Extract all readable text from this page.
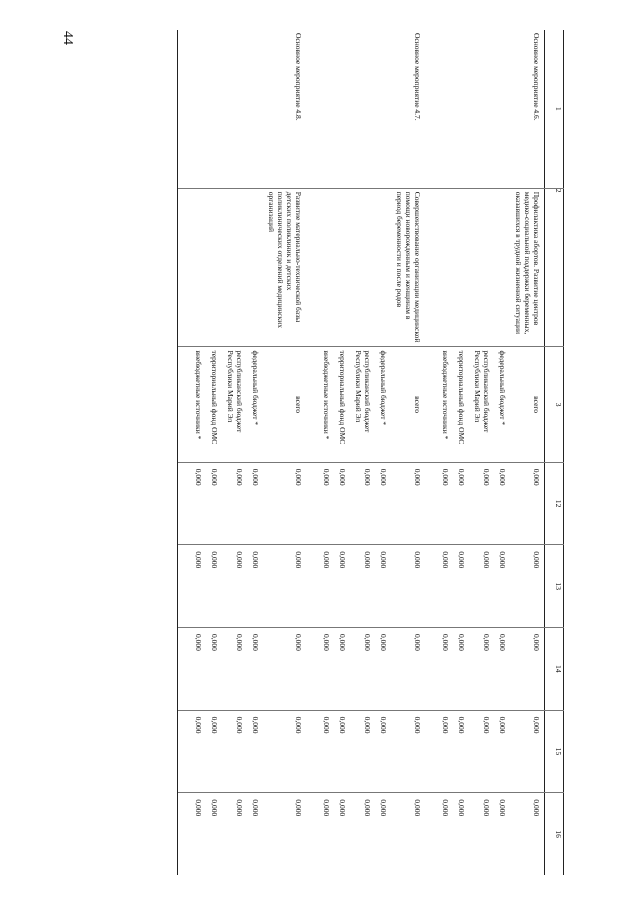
44
1	2	3	12	13	14	15	16
Основное мероприятие 4.6.	Профилактика абортов. Развитие центров медико-социальной поддержки беременных, оказавшихся в трудной жизненной ситуации	всего	0,000	0,000	0,000	0,000	0,000
		федеральный бюджет *	0,000	0,000	0,000	0,000	0,000
		республиканский бюджет Республики Марий Эл	0,000	0,000	0,000	0,000	0,000
		территориальный фонд ОМС	0,000	0,000	0,000	0,000	0,000
		внебюджетные источники *	0,000	0,000	0,000	0,000	0,000
Основное мероприятие 4.7.	Совершенствование организации медицинской помощи новорожденным и женщинам в период беременности и после родов	всего	0,000	0,000	0,000	0,000	0,000
		федеральный бюджет *	0,000	0,000	0,000	0,000	0,000
		республиканский бюджет Республики Марий Эл	0,000	0,000	0,000	0,000	0,000
		территориальный фонд ОМС	0,000	0,000	0,000	0,000	0,000
		внебюджетные источники *	0,000	0,000	0,000	0,000	0,000
Основное мероприятие 4.8.	Развитие материально-технической базы детских поликлиник и детских поликлинических отделений медицинских организаций	всего	0,000	0,000	0,000	0,000	0,000
		федеральный бюджет *	0,000	0,000	0,000	0,000	0,000
		республиканский бюджет Республики Марий Эл	0,000	0,000	0,000	0,000	0,000
		территориальный фонд ОМС	0,000	0,000	0,000	0,000	0,000
		внебюджетные источники *	0,000	0,000	0,000	0,000	0,000
